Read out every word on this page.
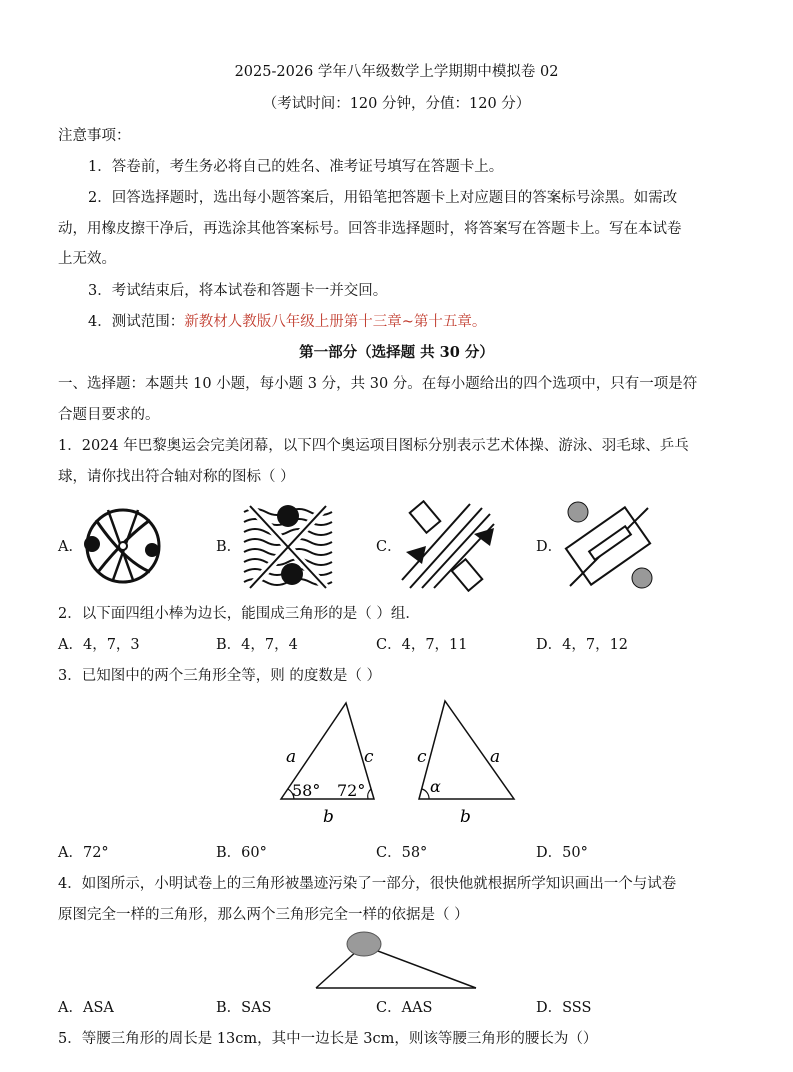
2025-2026 学年八年级数学上学期期中模拟卷 02
（考试时间：120 分钟，分值：120 分）
注意事项：
1．答卷前，考生务必将自己的姓名、准考证号填写在答题卡上。
2．回答选择题时，选出每小题答案后，用铅笔把答题卡上对应题目的答案标号涂黑。如需改
动，用橡皮擦干净后，再选涂其他答案标号。回答非选择题时，将答案写在答题卡上。写在本试卷
上无效。
3．考试结束后，将本试卷和答题卡一并交回。
4．测试范围：新教材人教版八年级上册第十三章~第十五章。
第一部分（选择题 共 30 分）
一、选择题：本题共 10 小题，每小题 3 分，共 30 分。在每小题给出的四个选项中，只有一项是符
合题目要求的。
1．2024 年巴黎奥运会完美闭幕，以下四个奥运项目图标分别表示艺术体操、游泳、羽毛球、乒乓
球，请你找出符合轴对称的图标（ ）
A．	B．	C．	D．
2．以下面四组小棒为边长，能围成三角形的是（ ）组．
A．4，7，3	B．4，7，4	C．4，7，11	D．4，7，12
3．已知图中的两个三角形全等，则 的度数是（ ）
a	c
58° 72°
b
c	a
α
b
A．72°	B．60°	C．58°	D．50°
4．如图所示，小明试卷上的三角形被墨迹污染了一部分，很快他就根据所学知识画出一个与试卷
原图完全一样的三角形，那么两个三角形完全一样的依据是（ ）
A．ASA	B．SAS	C．AAS	D．SSS
5．等腰三角形的周长是 13cm，其中一边长是 3cm，则该等腰三角形的腰长为（）
